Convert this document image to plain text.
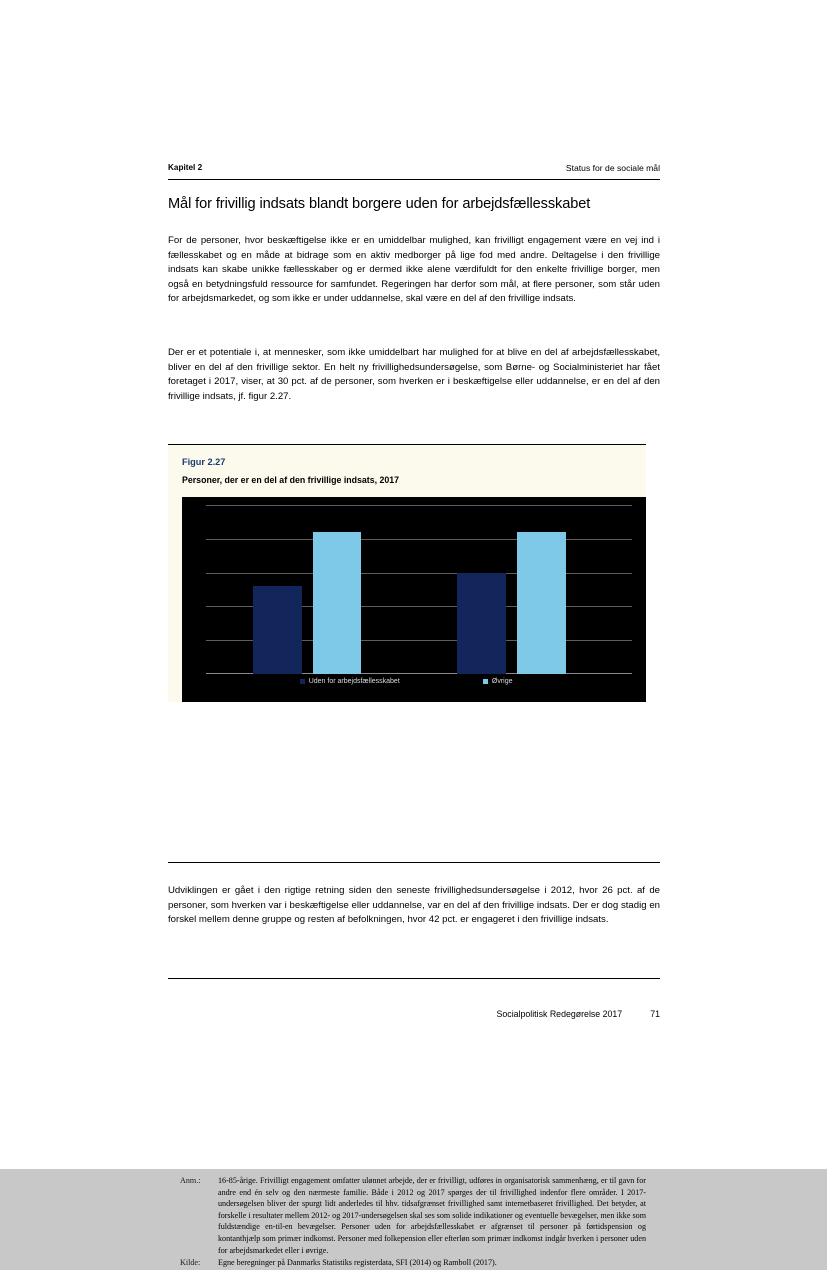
Kapitel 2	Status for de sociale mål
Mål for frivillig indsats blandt borgere uden for arbejdsfællesskabet

For de personer, hvor beskæftigelse ikke er en umiddelbar mulighed, kan frivilligt engagement være en vej ind i fællesskabet og en måde at bidrage som en aktiv medborger på lige fod med andre. Deltagelse i den frivillige indsats kan skabe unikke fællesskaber og er dermed ikke alene værdifuldt for den enkelte frivillige borger, men også en betydningsfuld ressource for samfundet. Regeringen har derfor som mål, at flere personer, som står uden for arbejdsmarkedet, og som ikke er under uddannelse, skal være en del af den frivillige indsats.

Der er et potentiale i, at mennesker, som ikke umiddelbart har mulighed for at blive en del af arbejdsfællesskabet, bliver en del af den frivillige sektor. En helt ny frivillighedsundersøgelse, som Børne- og Socialministeriet har fået foretaget i 2017, viser, at 30 pct. af de personer, som hverken er i beskæftigelse eller uddannelse, er en del af den frivillige indsats, jf. figur 2.27.

Figur 2.27
Personer, der er en del af den frivillige indsats, 2017
Uden for arbejdsfællesskabet	Øvrige
Anm.:	16-85-årige. Frivilligt engagement omfatter ulønnet arbejde, der er frivilligt, udføres in organisatorisk sammenhæng, er til gavn for andre end én selv og den nærmeste familie. Både i 2012 og 2017 spørges der til frivillighed indenfor flere områder. I 2017-undersøgelsen bliver der spurgt lidt anderledes til hhv. tidsafgrænset frivillighed samt internetbaseret frivillighed. Det betyder, at forskelle i resultater mellem 2012- og 2017-undersøgelsen skal ses som solide indikationer og eventuelle bevægelser, men ikke som fuldstændige en-til-en bevægelser. Personer uden for arbejdsfællesskabet er afgrænset til personer på førtidspension og kontanthjælp som primær indkomst. Personer med folkepension eller efterløn som primær indkomst indgår hverken i personer uden for arbejdsmarkedet eller i øvrige.
Kilde:	Egne beregninger på Danmarks Statistiks registerdata, SFI (2014) og Ramboll (2017).

Udviklingen er gået i den rigtige retning siden den seneste frivillighedsundersøgelse i 2012, hvor 26 pct. af de personer, som hverken var i beskæftigelse eller uddannelse, var en del af den frivillige indsats. Der er dog stadig en forskel mellem denne gruppe og resten af befolkningen, hvor 42 pct. er engageret i den frivillige indsats.

Socialpolitisk Redegørelse 2017	71
